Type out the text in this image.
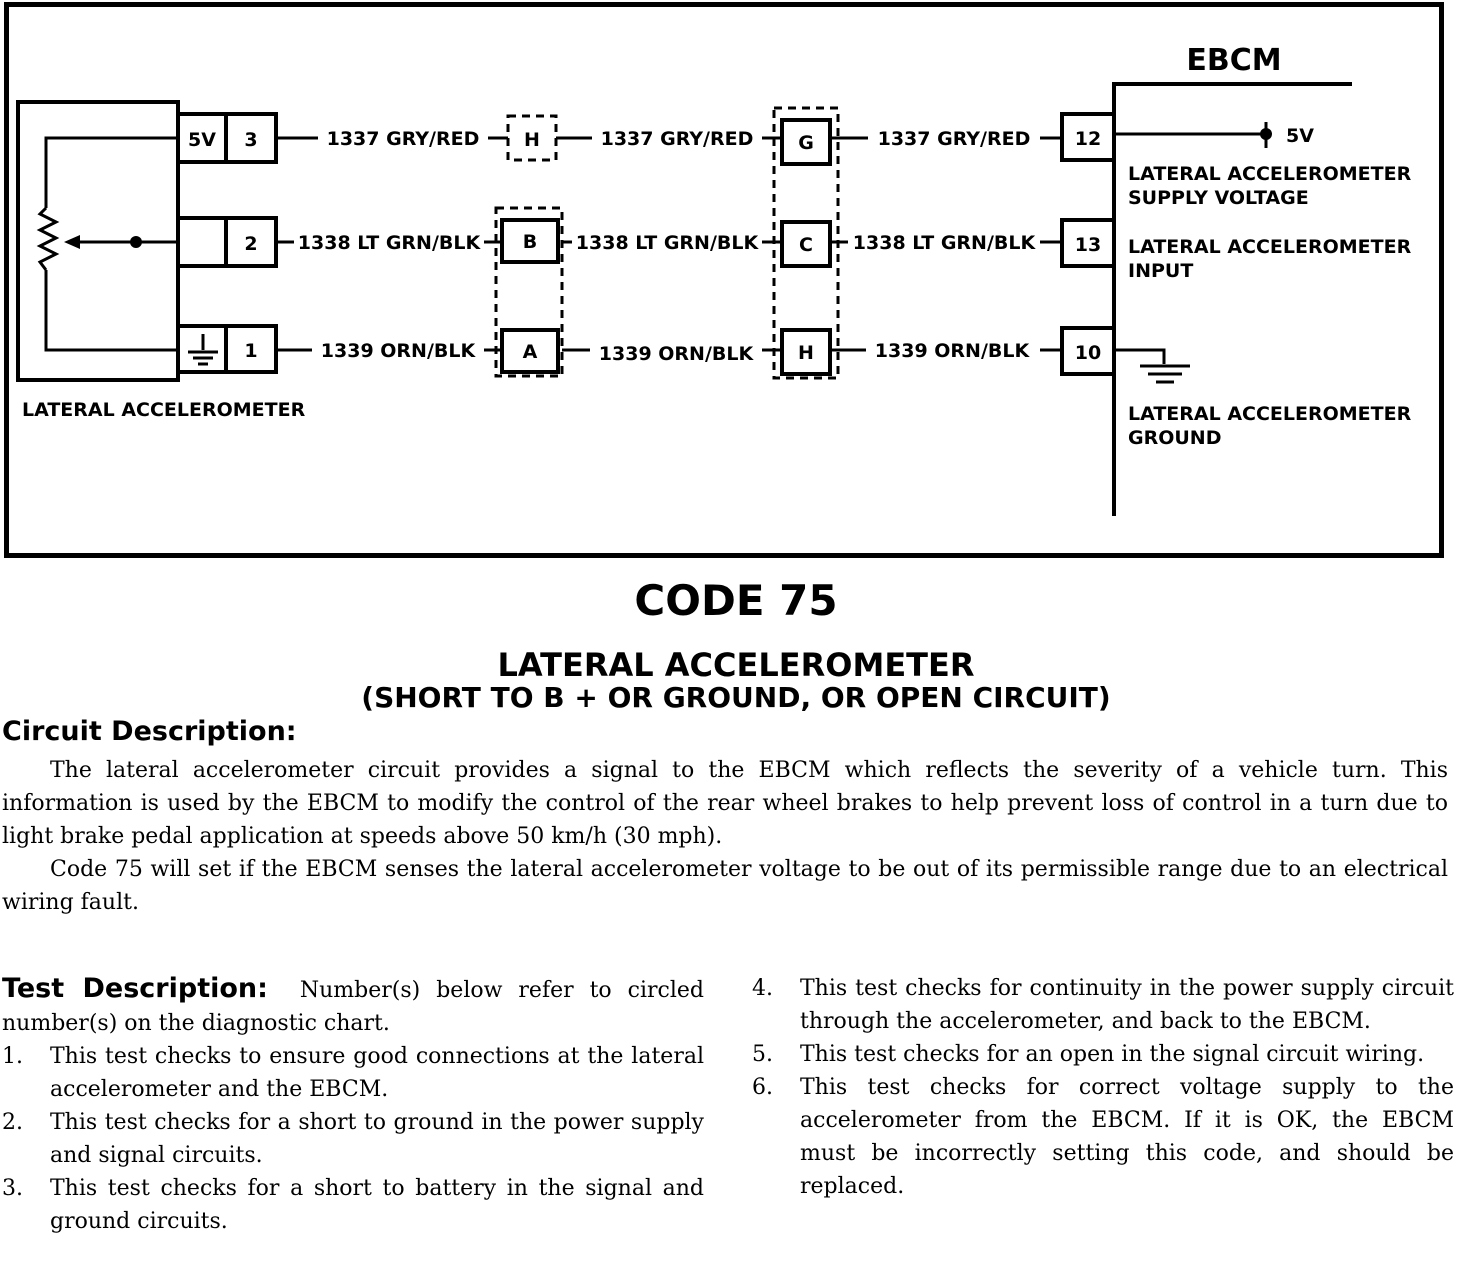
5V 3
2
1
H
B
A
G
C
H
12
13
10
1337 GRY/RED	1337 GRY/RED	1337 GRY/RED
1338 LT GRN/BLK	1338 LT GRN/BLK	1338 LT GRN/BLK
1339 ORN/BLK	1339 ORN/BLK	1339 ORN/BLK
LATERAL ACCELEROMETER
5V
LATERAL ACCELEROMETER
SUPPLY VOLTAGE
LATERAL ACCELEROMETER
INPUT
LATERAL ACCELEROMETER
GROUND
EBCM
CODE 75
LATERAL ACCELEROMETER
(SHORT TO B + OR GROUND, OR OPEN CIRCUIT)
Circuit Description:

The lateral accelerometer circuit provides a signal to the EBCM which reflects the severity of a vehicle turn. This information is used by the EBCM to modify the control of the rear wheel brakes to help prevent loss of control in a turn due to light brake pedal application at speeds above 50 km/h (30 mph).

Code 75 will set if the EBCM senses the lateral accelerometer voltage to be out of its permissible range due to an electrical wiring fault.

Test Description: Number(s) below refer to circled number(s) on the diagnostic chart.

1.	This test checks to ensure good connections at the lateral accelerometer and the EBCM.
2.	This test checks for a short to ground in the power supply and signal circuits.
3.	This test checks for a short to battery in the signal and ground circuits.
4.	This test checks for continuity in the power supply circuit through the accelerometer, and back to the EBCM.
5.	This test checks for an open in the signal circuit wiring.
6.	This test checks for correct voltage supply to the accelerometer from the EBCM. If it is OK, the EBCM must be incorrectly setting this code, and should be replaced.
